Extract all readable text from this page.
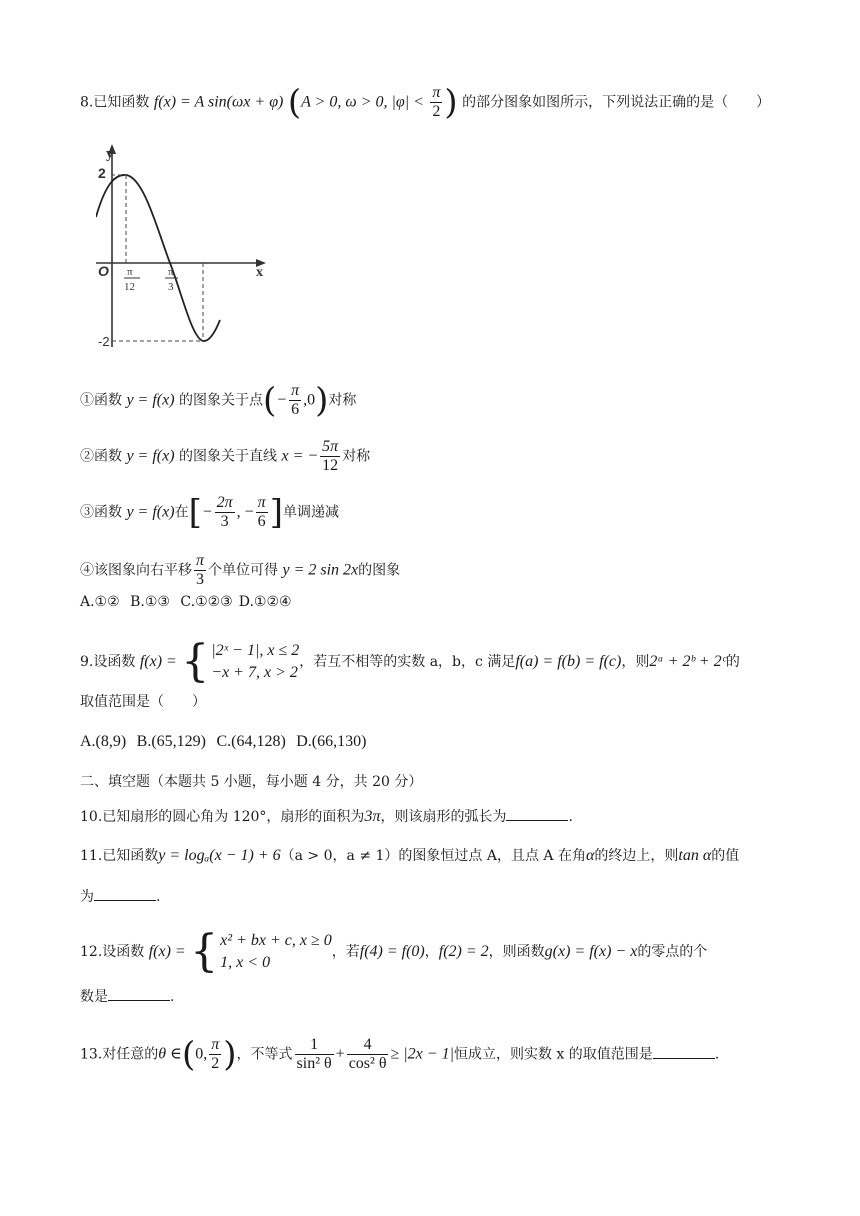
8.已知函数 f(x) = A sin(ωx + φ) (A > 0, ω > 0, $|\varphi| < \frac{\pi}{2}$ ) 的部分图象如图所示，下列说法正确的是（　　）
y
x
2
O
-2
π
12
π
3
①函数 y = f(x) 的图象关于点(− $\frac{\pi}{6} ,0$)对称
②函数 y = f(x) 的图象关于直线 x = − $\frac{5\pi}{12}$ 对称
③函数 y = f(x)在[− $\frac{2\pi}{3}$ , − $\frac{\pi}{6}$ ]单调递减
④该图象向右平移 $\frac{\pi}{3}$ 个单位可得 y = 2 sin 2x的图象
A.①② B.①③ C.①②③ D.①②④
9.设函数 f(x) = { |2ˣ − 1|, x ≤ 2
−x + 7, x > 2
，若互不相等的实数 a，b，c 满足f(a) = f(b) = f(c)，则2ᵃ + 2ᵇ + 2ᶜ的
取值范围是（　　）
A.(8,9) B.(65,129) C.(64,128) D.(66,130)
二、填空题（本题共 5 小题，每小题 4 分，共 20 分）
10.已知扇形的圆心角为 120°，扇形的面积为3π，则该扇形的弧长为	.
11.已知函数y = logₐ(x − 1) + 6（a > 0，a ≠ 1）的图象恒过点 A，且点 A 在角α的终边上，则tan α的值
为	.
12.设函数 f(x) = { x² + bx + c, x ≥ 0
1, x < 0
，若f(4) = f(0)，f(2) = 2，则函数g(x) = f(x) − x的零点的个
数是	.
13.对任意的θ ∈(0, $\frac{\pi}{2}$ )，不等式 $\frac{1}{\text{sin² θ}} + \frac{4}{\text{cos² θ}} \ge |2x - 1|$恒成立，则实数 x 的取值范围是	.
